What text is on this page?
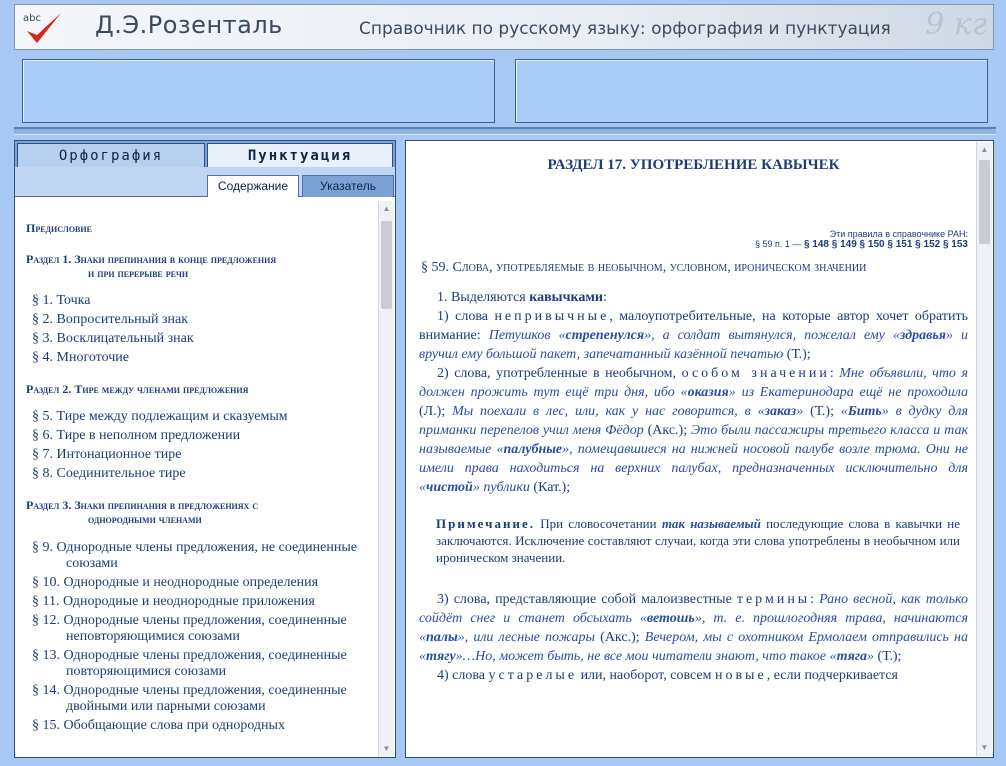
abc	9 кг
Д.Э.Розенталь	Справочник по русскому языку: орфография и пунктуация
Орфография	Пунктуация
Содержание	Указатель
Предисловие
Раздел 1. Знаки препинания в конце предложения
и при перерыве речи
§ 1. Точка
§ 2. Вопросительный знак
§ 3. Восклицательный знак
§ 4. Многоточие
Раздел 2. Тире между членами предложения
§ 5. Тире между подлежащим и сказуемым
§ 6. Тире в неполном предложении
§ 7. Интонационное тире
§ 8. Соединительное тире
Раздел 3. Знаки препинания в предложениях с
однородными членами
§ 9. Однородные члены предложения, не соединенные союзами
§ 10. Однородные и неоднородные определения
§ 11. Однородные и неоднородные приложения
§ 12. Однородные члены предложения, соединенные неповторяющимися союзами
§ 13. Однородные члены предложения, соединенные повторяющимися союзами
§ 14. Однородные члены предложения, соединенные двойными или парными союзами
§ 15. Обобщающие слова при однородных
▲
▼
РАЗДЕЛ 17. УПОТРЕБЛЕНИЕ КАВЫЧЕК
Эти правила в справочнике РАН:
§ 59 п. 1 — § 148 § 149 § 150 § 151 § 152 § 153
§ 59. Слова, употребляемые в необычном, условном, ироническом значении

1. Выделяются кавычками:

1) слова непривычные, малоупотребительные, на которые автор хочет обратить внимание: Петушков «стрепенулся», а солдат вытянулся, пожелал ему «здравья» и вручил ему большой пакет, запечатанный казённой печатью (Т.);

2) слова, употребленные в необычном, особом значении: Мне объявили, что я должен прожить тут ещё три дня, ибо «оказия» из Екатеринодара ещё не проходила (Л.); Мы поехали в лес, или, как у нас говорится, в «заказ» (Т.); «Бить» в дудку для приманки перепелов учил меня Фёдор (Акс.); Это были пассажиры третьего класса и так называемые «палубные», помещавшиеся на нижней носовой палубе возле трюма. Они не имели права находиться на верхних палубах, предназначенных исключительно для «чистой» публики (Кат.);

Примечание. При словосочетании так называемый последующие слова в кавычки не заключаются. Исключение составляют случаи, когда эти слова употреблены в необычном или ироническом значении.

3) слова, представляющие собой малоизвестные термины: Рано весной, как только сойдёт снег и станет обсыхать «ветошь», т. е. прошлогодняя трава, начинаются «палы», или лесные пожары (Акс.); Вечером, мы с охотником Ермолаем отправились на «тягу»…Но, может быть, не все мои читатели знают, что такое «тяга» (Т.);

4) слова устарелые или, наоборот, совсем новые, если подчеркивается

▲
▼
